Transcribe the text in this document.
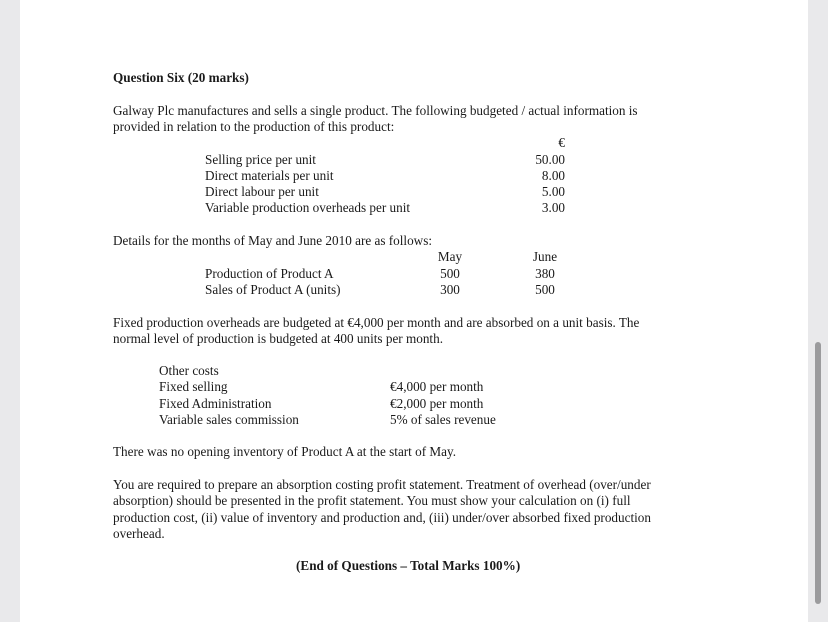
Question Six (20 marks)
Galway Plc manufactures and sells a single product. The following budgeted / actual information is
provided in relation to the production of this product:
€
Selling price per unit	50.00
Direct materials per unit	8.00
Direct labour per unit	5.00
Variable production overheads per unit	3.00
Details for the months of May and June 2010 are as follows:
May	June
Production of Product A	500	380
Sales of Product A (units)	300	500
Fixed production overheads are budgeted at €4,000 per month and are absorbed on a unit basis. The
normal level of production is budgeted at 400 units per month.
Other costs
Fixed selling	€4,000 per month
Fixed Administration	€2,000 per month
Variable sales commission	5% of sales revenue
There was no opening inventory of Product A at the start of May.
You are required to prepare an absorption costing profit statement. Treatment of overhead (over/under
absorption) should be presented in the profit statement. You must show your calculation on (i) full
production cost, (ii) value of inventory and production and, (iii) under/over absorbed fixed production
overhead.
(End of Questions – Total Marks 100%)
